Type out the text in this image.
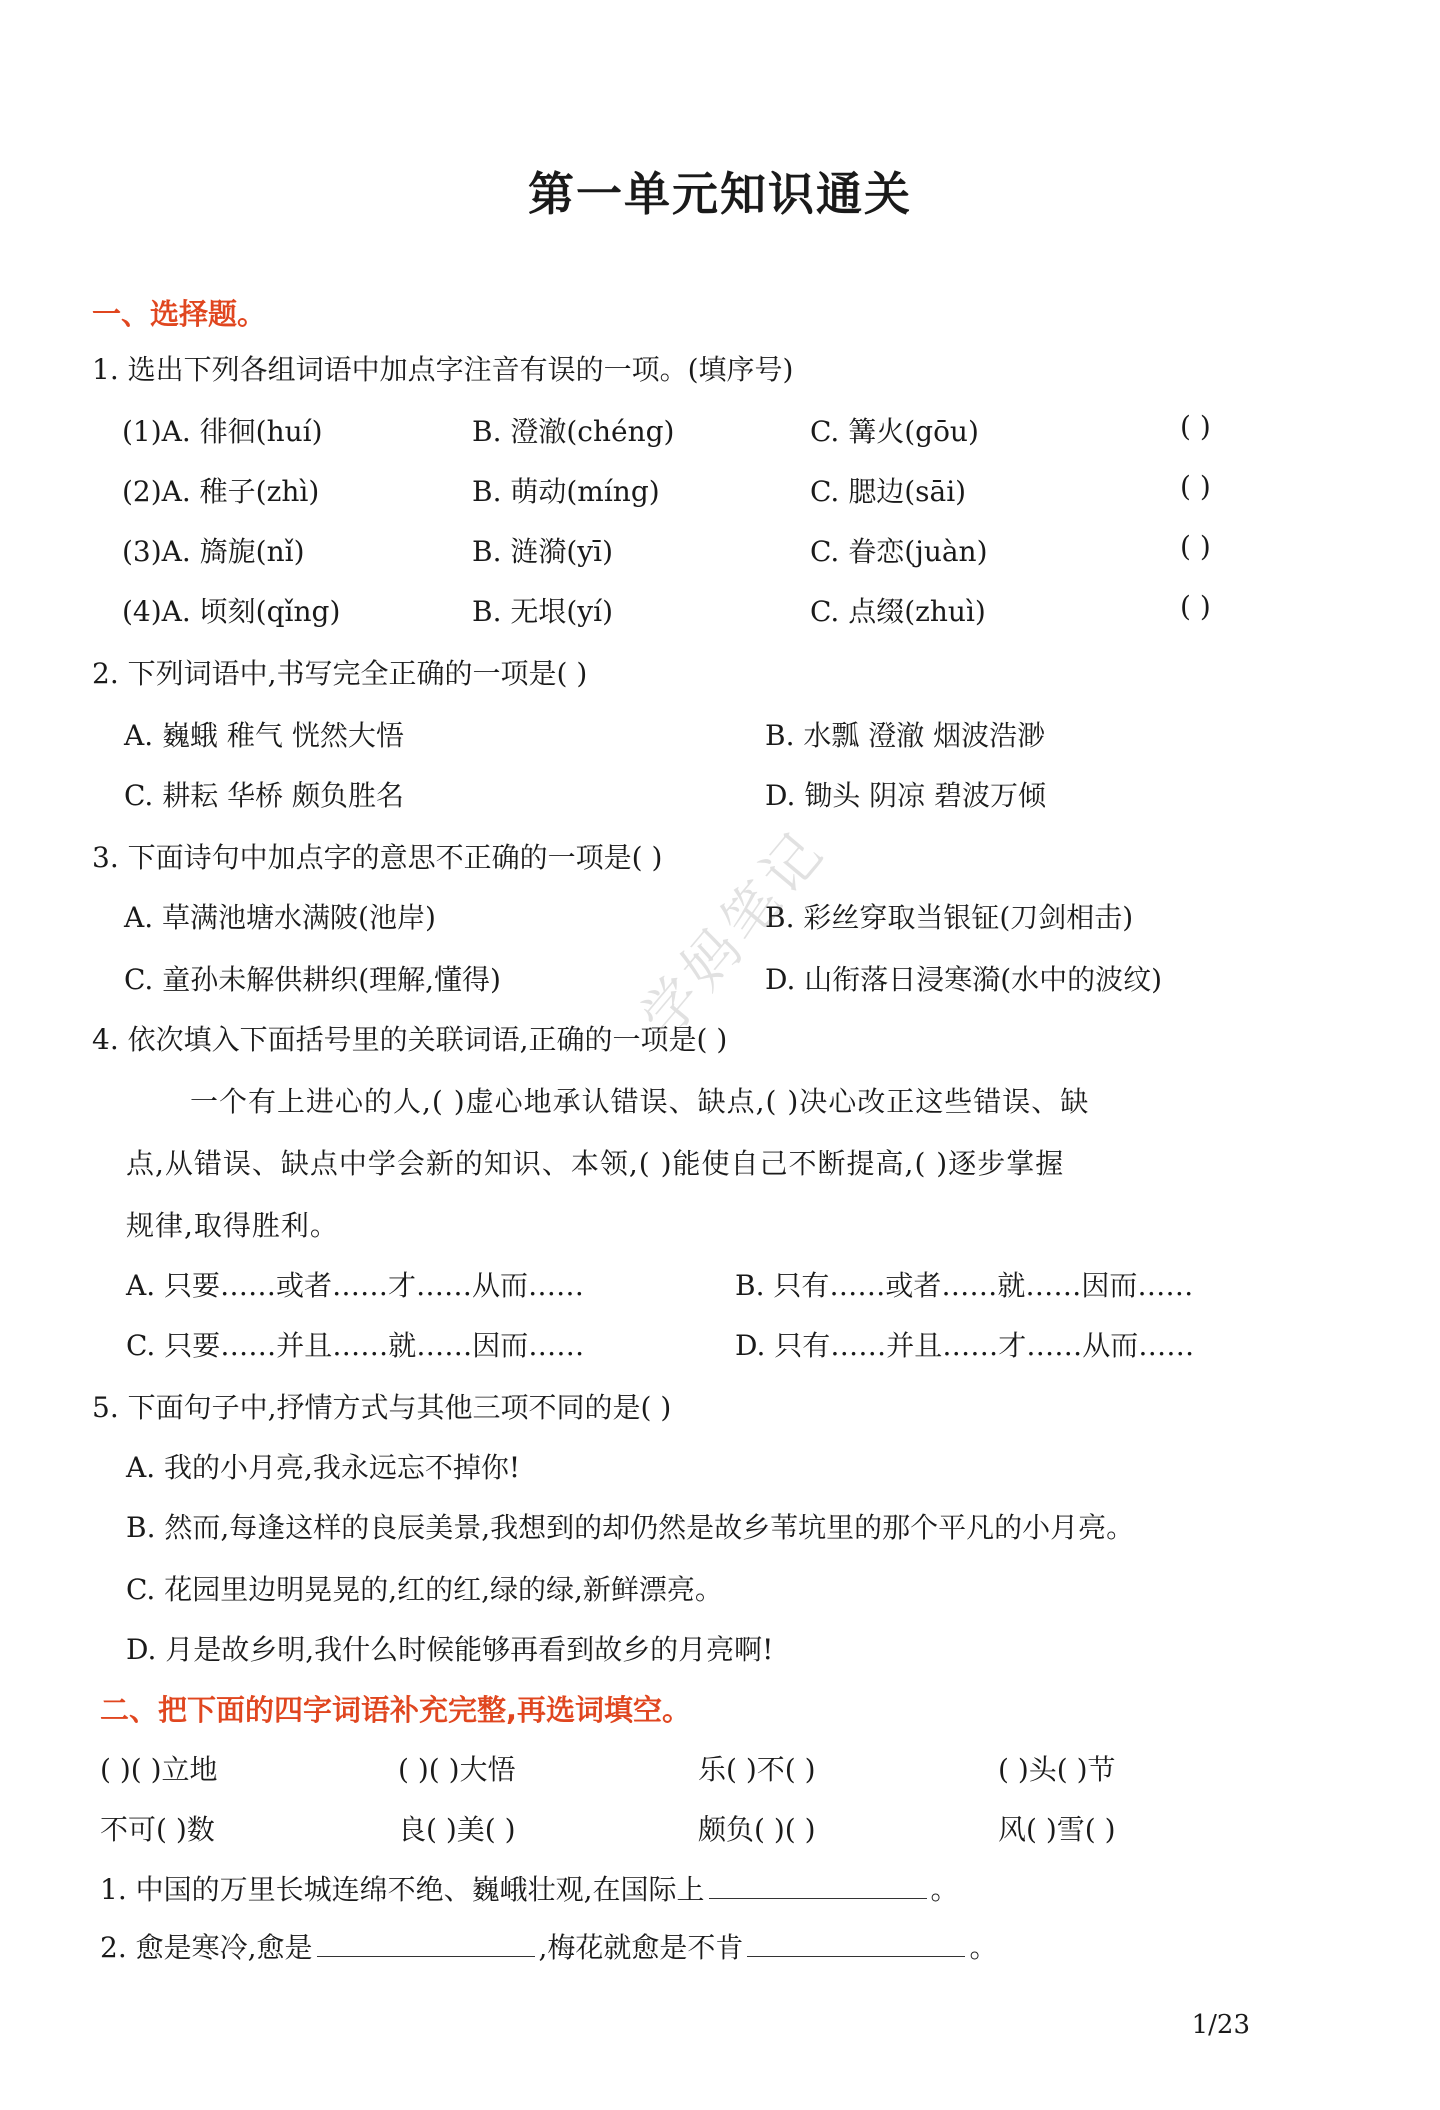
第一单元知识通关
一、选择题。
1. 选出下列各组词语中加点字注音有误的一项。(填序号)
(1)A. 徘徊(huí)	B. 澄澈(chéng)	C. 篝火(gōu)	( )
(2)A. 稚子(zhì)	B. 萌动(míng)	C. 腮边(sāi)	( )
(3)A. 旖旎(nǐ)	B. 涟漪(yī)	C. 眷恋(juàn)	( )
(4)A. 顷刻(qǐng)	B. 无垠(yí)	C. 点缀(zhuì)	( )
2. 下列词语中,书写完全正确的一项是( )
A. 巍蛾 稚气 恍然大悟	B. 水瓢 澄澈 烟波浩渺
C. 耕耘 华桥 颇负胜名	D. 锄头 阴凉 碧波万倾
3. 下面诗句中加点字的意思不正确的一项是( )
A. 草满池塘水满陂(池岸)	B. 彩丝穿取当银钲(刀剑相击)
C. 童孙未解供耕织(理解,懂得)	D. 山衔落日浸寒漪(水中的波纹)
4. 依次填入下面括号里的关联词语,正确的一项是( )
一个有上进心的人,( )虚心地承认错误、缺点,( )决心改正这些错误、缺
点,从错误、缺点中学会新的知识、本领,( )能使自己不断提高,( )逐步掌握
规律,取得胜利。
A. 只要……或者……才……从而……	B. 只有……或者……就……因而……
C. 只要……并且……就……因而……	D. 只有……并且……才……从而……
5. 下面句子中,抒情方式与其他三项不同的是( )
A. 我的小月亮,我永远忘不掉你!
B. 然而,每逢这样的良辰美景,我想到的却仍然是故乡苇坑里的那个平凡的小月亮。
C. 花园里边明晃晃的,红的红,绿的绿,新鲜漂亮。
D. 月是故乡明,我什么时候能够再看到故乡的月亮啊!
二、把下面的四字词语补充完整,再选词填空。
( )( )立地	( )( )大悟	乐( )不( )	( )头( )节
不可( )数	良( )美( )	颇负( )( )	风( )雪( )
1. 中国的万里长城连绵不绝、巍峨壮观,在国际上	。
2. 愈是寒冷,愈是	,梅花就愈是不肯	。
学妈笔记
1/23
